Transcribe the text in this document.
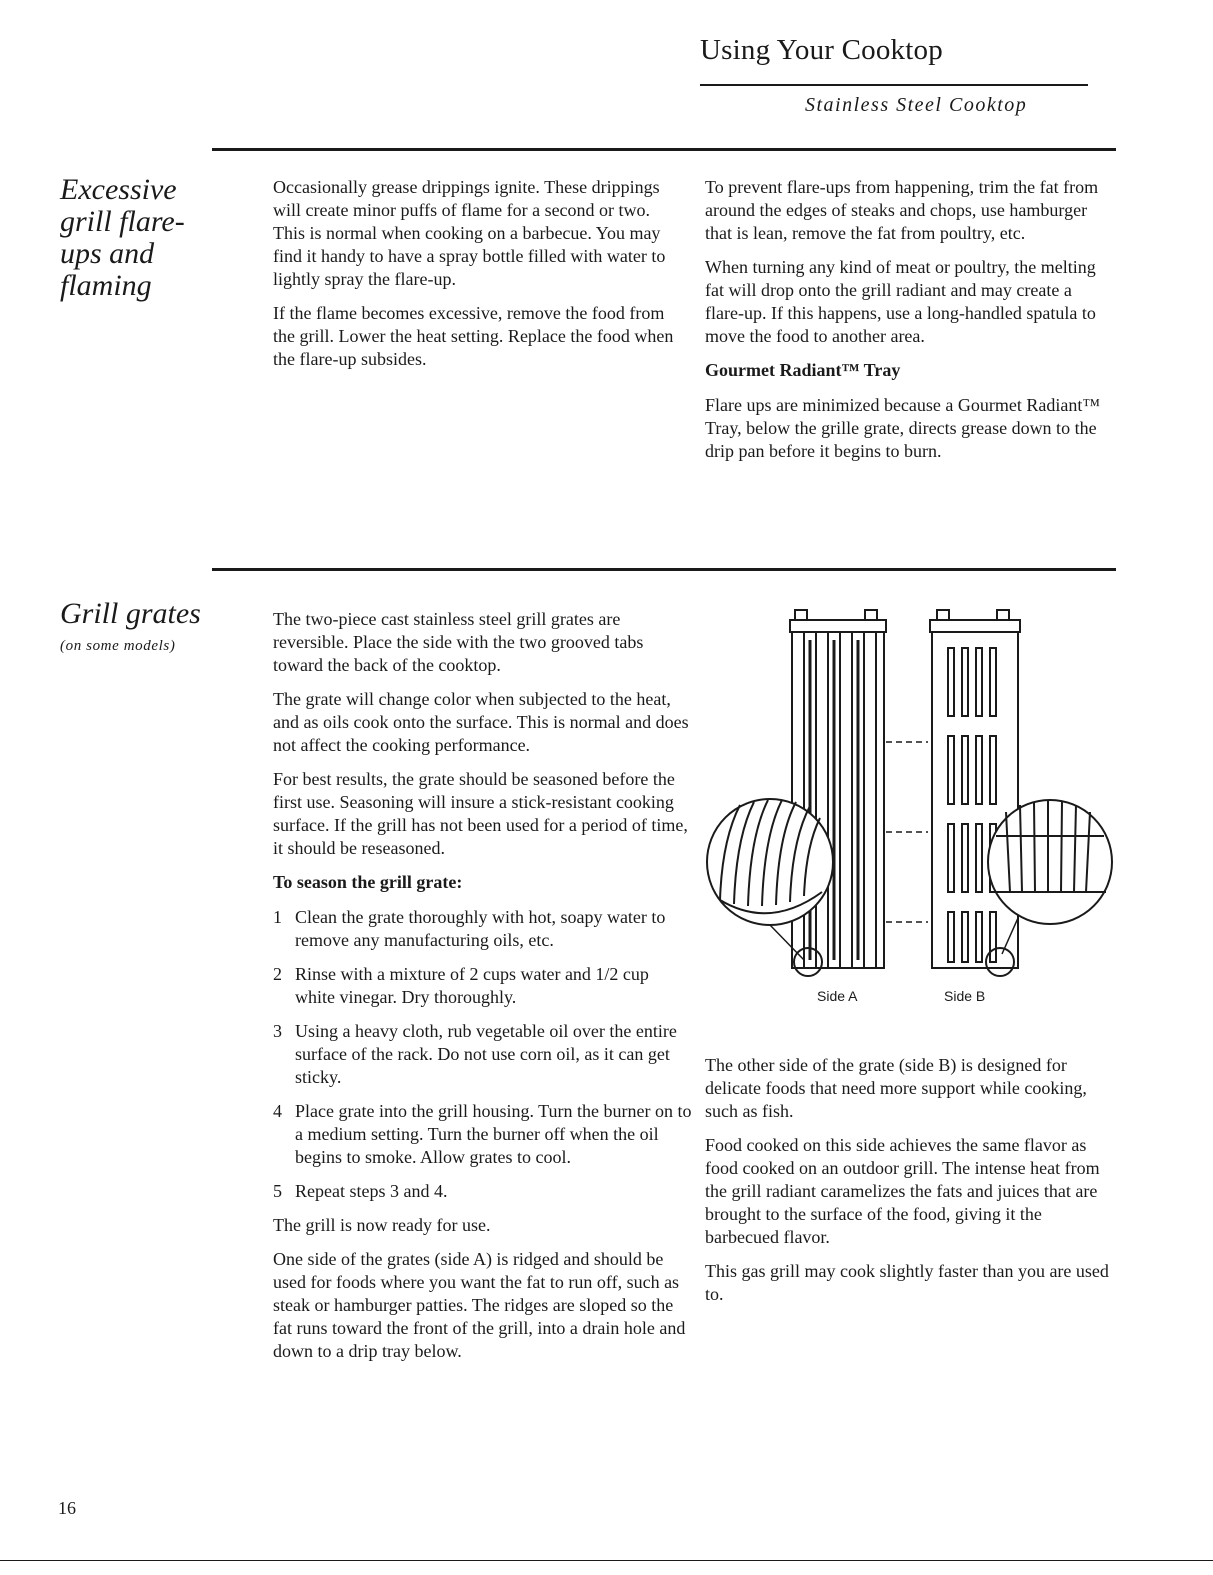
Using Your Cooktop
Stainless Steel Cooktop
Excessive grill flare-ups and flaming

Occasionally grease drippings ignite. These drippings will create minor puffs of flame for a second or two. This is normal when cooking on a barbecue. You may find it handy to have a spray bottle filled with water to lightly spray the flare-up.

If the flame becomes excessive, remove the food from the grill. Lower the heat setting. Replace the food when the flare-up subsides.

To prevent flare-ups from happening, trim the fat from around the edges of steaks and chops, use hamburger that is lean, remove the fat from poultry, etc.

When turning any kind of meat or poultry, the melting fat will drop onto the grill radiant and may create a flare-up. If this happens, use a long-handled spatula to move the food to another area.

Gourmet Radiant™ Tray

Flare ups are minimized because a Gourmet Radiant™ Tray, below the grille grate, directs grease down to the drip pan before it begins to burn.

Grill grates
(on some models)

The two-piece cast stainless steel grill grates are reversible. Place the side with the two grooved tabs toward the back of the cooktop.

The grate will change color when subjected to the heat, and as oils cook onto the surface. This is normal and does not affect the cooking performance.

For best results, the grate should be seasoned before the first use. Seasoning will insure a stick-resistant cooking surface. If the grill has not been used for a period of time, it should be reseasoned.

To season the grill grate:

1 Clean the grate thoroughly with hot, soapy water to remove any manufacturing oils, etc.
2 Rinse with a mixture of 2 cups water and 1/2 cup white vinegar. Dry thoroughly.
3 Using a heavy cloth, rub vegetable oil over the entire surface of the rack. Do not use corn oil, as it can get sticky.
4 Place grate into the grill housing. Turn the burner on to a medium setting. Turn the burner off when the oil begins to smoke. Allow grates to cool.
5 Repeat steps 3 and 4.

The grill is now ready for use.

One side of the grates (side A) is ridged and should be used for foods where you want the fat to run off, such as steak or hamburger patties. The ridges are sloped so the fat runs toward the front of the grill, into a drain hole and down to a drip tray below.

Side A	Side B

The other side of the grate (side B) is designed for delicate foods that need more support while cooking, such as fish.

Food cooked on this side achieves the same flavor as food cooked on an outdoor grill. The intense heat from the grill radiant caramelizes the fats and juices that are brought to the surface of the food, giving it the barbecued flavor.

This gas grill may cook slightly faster than you are used to.

16
